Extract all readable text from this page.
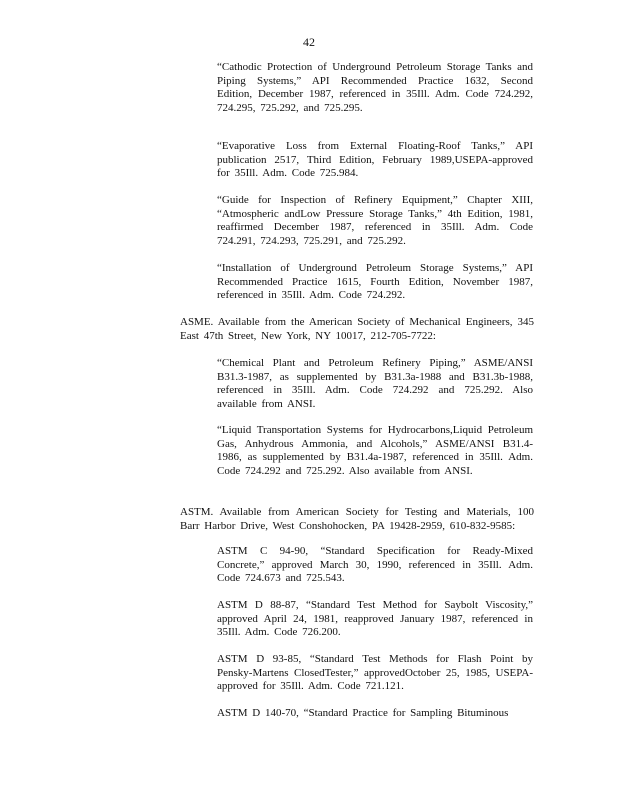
42

“Cathodic Protection of Underground Petroleum Storage Tanks and Piping Systems,” API Recommended Practice 1632, Second Edition, December 1987, referenced in 35Ill. Adm. Code 724.292, 724.295, 725.292, and 725.295.

“Evaporative Loss from External Floating-Roof Tanks,” API publication 2517, Third Edition, February 1989,USEPA-approved for 35Ill. Adm. Code 725.984.

“Guide for Inspection of Refinery Equipment,” Chapter XIII, “Atmospheric andLow Pressure Storage Tanks,” 4th Edition, 1981, reaffirmed December 1987, referenced in 35Ill. Adm. Code 724.291, 724.293, 725.291, and 725.292.

“Installation of Underground Petroleum Storage Systems,” API Recommended Practice 1615, Fourth Edition, November 1987, referenced in 35Ill. Adm. Code 724.292.

ASME. Available from the American Society of Mechanical Engineers, 345 East 47th Street, New York, NY 10017, 212-705-7722:

“Chemical Plant and Petroleum Refinery Piping,” ASME/ANSI B31.3-1987, as supplemented by B31.3a-1988 and B31.3b-1988, referenced in 35Ill. Adm. Code 724.292 and 725.292. Also available from ANSI.

“Liquid Transportation Systems for Hydrocarbons,Liquid Petroleum Gas, Anhydrous Ammonia, and Alcohols,” ASME/ANSI B31.4-1986, as supplemented by B31.4a-1987, referenced in 35Ill. Adm. Code 724.292 and 725.292. Also available from ANSI.

ASTM. Available from American Society for Testing and Materials, 100 Barr Harbor Drive, West Conshohocken, PA 19428-2959, 610-832-9585:

ASTM C 94-90, “Standard Specification for Ready-Mixed Concrete,” approved March 30, 1990, referenced in 35Ill. Adm. Code 724.673 and 725.543.

ASTM D 88-87, “Standard Test Method for Saybolt Viscosity,” approved April 24, 1981, reapproved January 1987, referenced in 35Ill. Adm. Code 726.200.

ASTM D 93-85, “Standard Test Methods for Flash Point by Pensky-Martens ClosedTester,” approvedOctober 25, 1985, USEPA-approved for 35Ill. Adm. Code 721.121.

ASTM D 140-70, “Standard Practice for Sampling Bituminous
